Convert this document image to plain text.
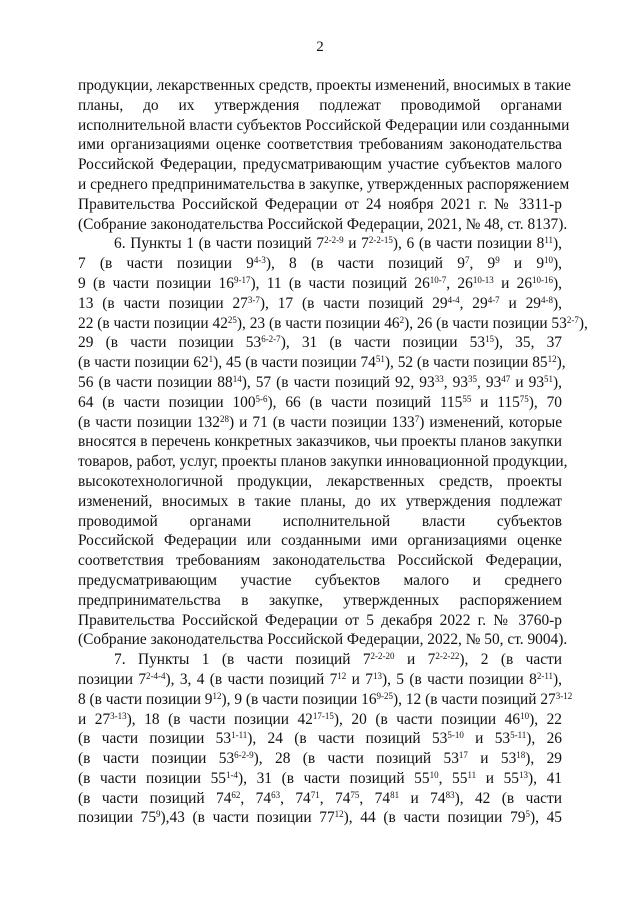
2
продукции, лекарственных средств, проекты изменений, вносимых в такие
планы, до их утверждения подлежат проводимой органами
исполнительной власти субъектов Российской Федерации или созданными
ими организациями оценке соответствия требованиям законодательства
Российской Федерации, предусматривающим участие субъектов малого
и среднего предпринимательства в закупке, утвержденных распоряжением
Правительства Российской Федерации от 24 ноября 2021 г. № 3311-р
(Собрание законодательства Российской Федерации, 2021, № 48, ст. 8137).
6. Пункты 1 (в части позиций 7$^{2-2-9}$ и 7$^{2-2-15}$), 6 (в части позиции $8^{11}$),
7 (в части позиции 9$^{4-3}$), 8 (в части позиций $9^7$, $9^9$ и $9^{10}$),
9 (в части позиции 16$^{9-17}$), 11 (в части позиций 26$^{10-7}$, 26$^{10-13}$ и 26$^{10-16}$),
13 (в части позиции 27$^{3-7}$), 17 (в части позиций 29$^{4-4}$, 29$^{4-7}$ и 29$^{4-8}$),
22 (в части позиции $42^{25}$), 23 (в части позиции $46^2$), 26 (в части позиции 53$^{2-7}$),
29 (в части позиции 53$^{6-2-7}$), 31 (в части позиции $53^{15}$), 35, 37
(в части позиции $62^1$), 45 (в части позиции $74^{51}$), 52 (в части позиции $85^{12}$),
56 (в части позиции $88^{14}$), 57 (в части позиций 92, $93^{33}$, $93^{35}$, $93^{47}$ и $93^{51}$),
64 (в части позиции 100$^{5-6}$), 66 (в части позиций $115^{55}$ и $115^{75}$), 70
(в части позиции $132^{28}$) и 71 (в части позиции $133^7$) изменений, которые
вносятся в перечень конкретных заказчиков, чьи проекты планов закупки
товаров, работ, услуг, проекты планов закупки инновационной продукции,
высокотехнологичной продукции, лекарственных средств, проекты
изменений, вносимых в такие планы, до их утверждения подлежат
проводимой органами исполнительной власти субъектов
Российской Федерации или созданными ими организациями оценке
соответствия требованиям законодательства Российской Федерации,
предусматривающим участие субъектов малого и среднего
предпринимательства в закупке, утвержденных распоряжением
Правительства Российской Федерации от 5 декабря 2022 г. № 3760-р
(Собрание законодательства Российской Федерации, 2022, № 50, ст. 9004).
7. Пункты 1 (в части позиций 7$^{2-2-20}$ и 7$^{2-2-22}$), 2 (в части
позиции 7$^{2-4-4}$), 3, 4 (в части позиций $7^{12}$ и $7^{13}$), 5 (в части позиции 8$^{2-11}$),
8 (в части позиции $9^{12}$), 9 (в части позиции 16$^{9-25}$), 12 (в части позиций 27$^{3-12}$
и 27$^{3-13}$), 18 (в части позиции 42$^{17-15}$), 20 (в части позиции $46^{10}$), 22
(в части позиции 53$^{1-11}$), 24 (в части позиций 53$^{5-10}$ и 53$^{5-11}$), 26
(в части позиции 53$^{6-2-9}$), 28 (в части позиций $53^{17}$ и $53^{18}$), 29
(в части позиции 55$^{1-4}$), 31 (в части позиций $55^{10}$, $55^{11}$ и $55^{13}$), 41
(в части позиций $74^{62}$, $74^{63}$, $74^{71}$, $74^{75}$, $74^{81}$ и $74^{83}$), 42 (в части
позиции $75^9),43$ (в части позиции $77^{12}$), 44 (в части позиции $79^5$), 45
